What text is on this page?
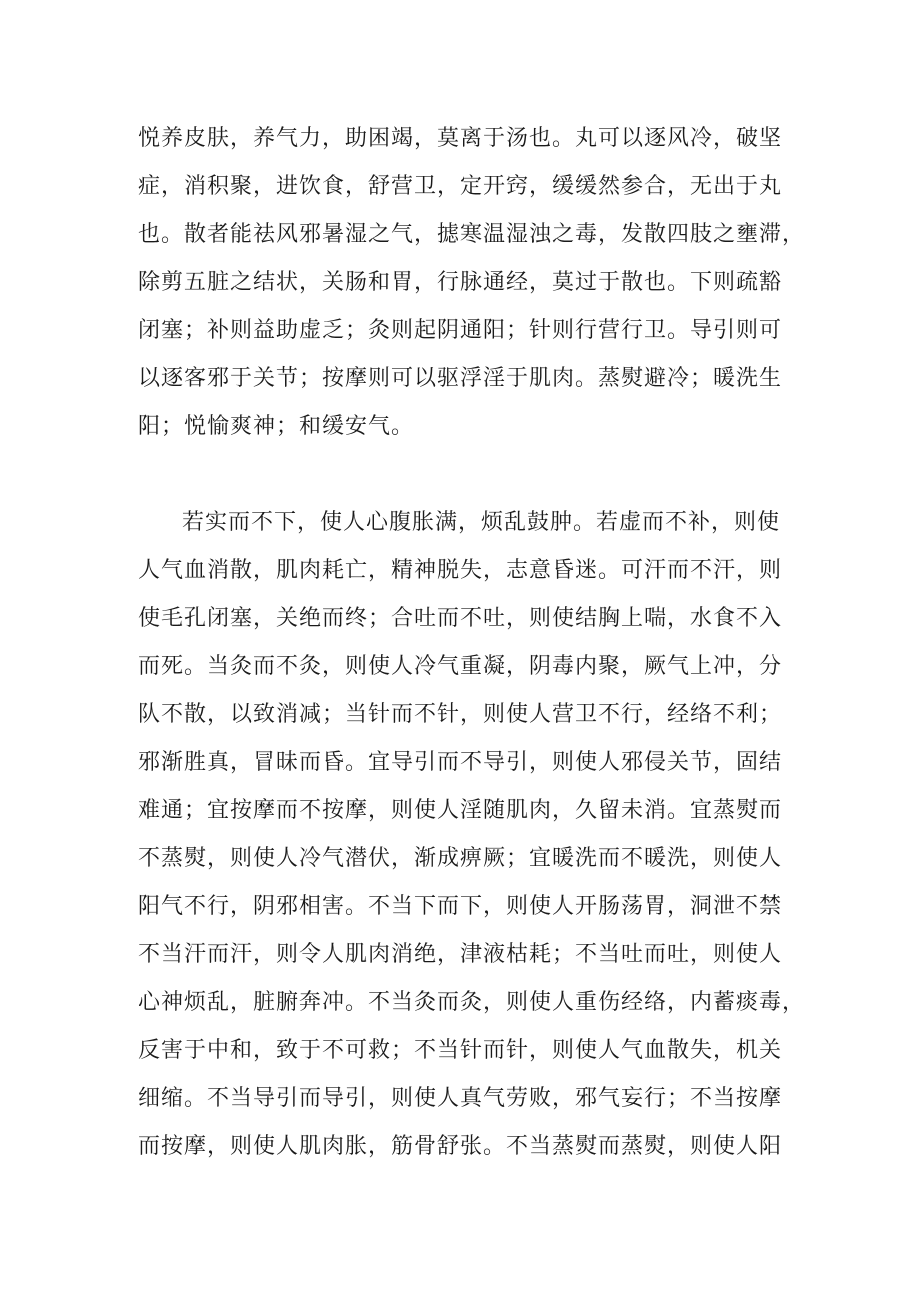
悦养皮肤，养气力，助困竭，莫离于汤也。丸可以逐风冷，破坚
症，消积聚，进饮食，舒营卫，定开窍，缓缓然参合，无出于丸
也。散者能祛风邪暑湿之气，摅寒温湿浊之毒，发散四肢之壅滞，
除剪五脏之结状，关肠和胃，行脉通经，莫过于散也。下则疏豁
闭塞；补则益助虚乏；灸则起阴通阳；针则行营行卫。导引则可
以逐客邪于关节；按摩则可以驱浮淫于肌肉。蒸熨避冷；暖洗生
阳；悦愉爽神；和缓安气。
若实而不下，使人心腹胀满，烦乱鼓肿。若虚而不补，则使
人气血消散，肌肉耗亡，精神脱失，志意昏迷。可汗而不汗，则
使毛孔闭塞，关绝而终；合吐而不吐，则使结胸上喘，水食不入
而死。当灸而不灸，则使人冷气重凝，阴毒内聚，厥气上冲，分
队不散，以致消减；当针而不针，则使人营卫不行，经络不利；
邪渐胜真，冒昧而昏。宜导引而不导引，则使人邪侵关节，固结
难通；宜按摩而不按摩，则使人淫随肌肉，久留未消。宜蒸熨而
不蒸熨，则使人冷气潜伏，渐成痹厥；宜暖洗而不暖洗，则使人
阳气不行，阴邪相害。不当下而下，则使人开肠荡胃，洞泄不禁
不当汗而汗，则令人肌肉消绝，津液枯耗；不当吐而吐，则使人
心神烦乱，脏腑奔冲。不当灸而灸，则使人重伤经络，内蓄痰毒，
反害于中和，致于不可救；不当针而针，则使人气血散失，机关
细缩。不当导引而导引，则使人真气劳败，邪气妄行；不当按摩
而按摩，则使人肌肉胀，筋骨舒张。不当蒸熨而蒸熨，则使人阳
